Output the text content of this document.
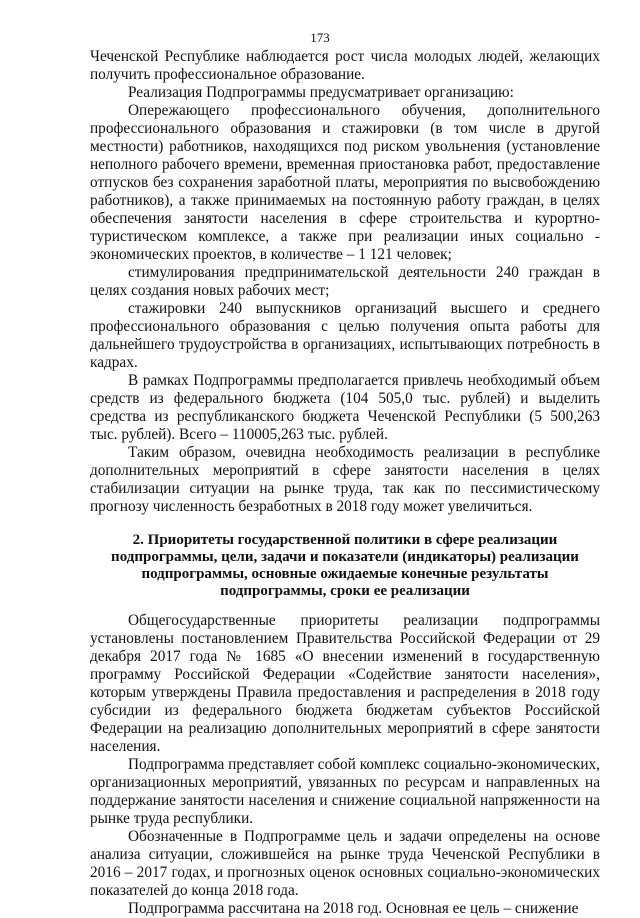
173

Чеченской Республике наблюдается рост числа молодых людей, желающих получить профессиональное образование.

Реализация Подпрограммы предусматривает организацию:

Опережающего профессионального обучения, дополнительного профессионального образования и стажировки (в том числе в другой местности) работников, находящихся под риском увольнения (установление неполного рабочего времени, временная приостановка работ, предоставление отпусков без сохранения заработной платы, мероприятия по высвобождению работников), а также принимаемых на постоянную работу граждан, в целях обеспечения занятости населения в сфере строительства и курортно-туристическом комплексе, а также при реализации иных социально - экономических проектов, в количестве – 1 121 человек;

стимулирования предпринимательской деятельности 240 граждан в целях создания новых рабочих мест;

стажировки 240 выпускников организаций высшего и среднего профессионального образования с целью получения опыта работы для дальнейшего трудоустройства в организациях, испытывающих потребность в кадрах.

В рамках Подпрограммы предполагается привлечь необходимый объем средств из федерального бюджета (104 505,0 тыс. рублей) и выделить средства из республиканского бюджета Чеченской Республики (5 500,263 тыс. рублей). Всего – 110005,263 тыс. рублей.

Таким образом, очевидна необходимость реализации в республике дополнительных мероприятий в сфере занятости населения в целях стабилизации ситуации на рынке труда, так как по пессимистическому прогнозу численность безработных в 2018 году может увеличиться.

2. Приоритеты государственной политики в сфере реализации подпрограммы, цели, задачи и показатели (индикаторы) реализации подпрограммы, основные ожидаемые конечные результаты подпрограммы, сроки ее реализации

Общегосударственные приоритеты реализации подпрограммы установлены постановлением Правительства Российской Федерации от 29 декабря 2017 года № 1685 «О внесении изменений в государственную программу Российской Федерации «Содействие занятости населения», которым утверждены Правила предоставления и распределения в 2018 году субсидии из федерального бюджета бюджетам субъектов Российской Федерации на реализацию дополнительных мероприятий в сфере занятости населения.

Подпрограмма представляет собой комплекс социально-экономических, организационных мероприятий, увязанных по ресурсам и направленных на поддержание занятости населения и снижение социальной напряженности на рынке труда республики.

Обозначенные в Подпрограмме цель и задачи определены на основе анализа ситуации, сложившейся на рынке труда Чеченской Республики в 2016 – 2017 годах, и прогнозных оценок основных социально-экономических показателей до конца 2018 года.

Подпрограмма рассчитана на 2018 год. Основная ее цель – снижение
